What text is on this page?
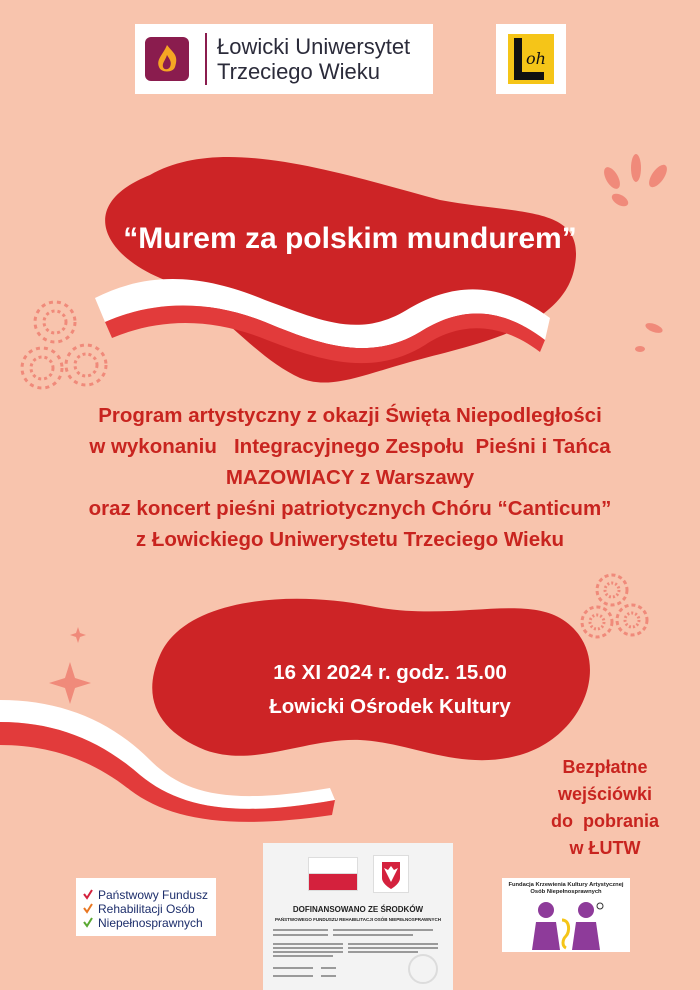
Łowicki Uniwersytet
Trzeciego Wieku
oh
“Murem za polskim mundurem”
Program artystyczny z okazji Święta Niepodległości
w wykonaniu   Integracyjnego Zespołu  Pieśni i Tańca
MAZOWIACY z Warszawy
oraz koncert pieśni patriotycznych Chóru “Canticum”
z Łowickiego Uniwerystetu Trzeciego Wieku
16 XI 2024 r. godz. 15.00
Łowicki Ośrodek Kultury
Bezpłatne
wejściówki
do  pobrania
w ŁUTW
Państwowy Fundusz
Rehabilitacji Osób
Niepełnosprawnych
DOFINANSOWANO ZE ŚRODKÓW
PAŃSTWOWEGO FUNDUSZU REHABILITACJI OSÓB NIEPEŁNOSPRAWNYCH
Fundacja Krzewienia Kultury Artystycznej
Osób Niepełnosprawnych
